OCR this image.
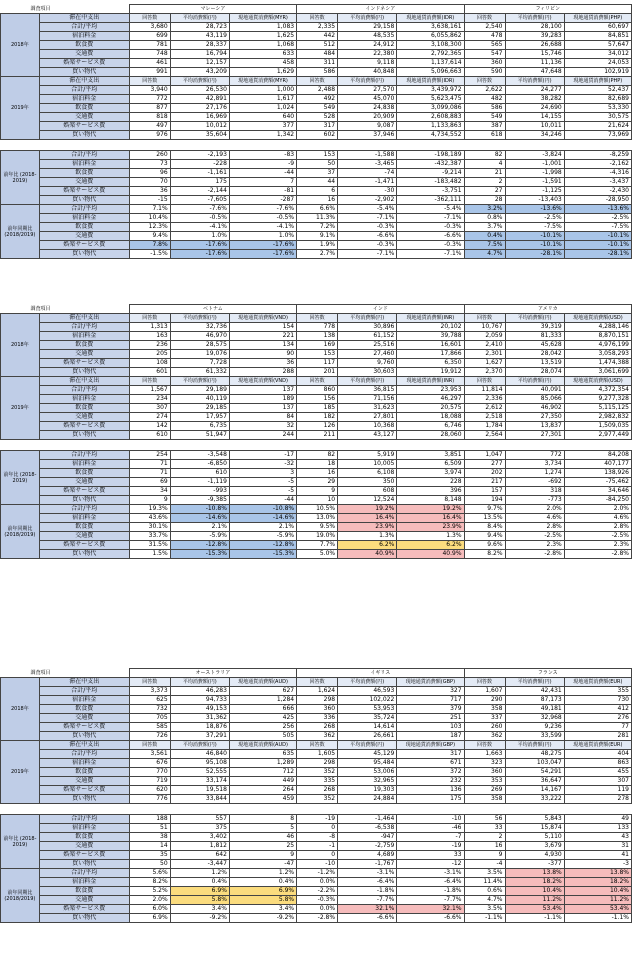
調査項目		マレーシア			インドネシア			フィリピン		
2018年	滞在中支出	回答数	平均消費額(円)	現地通貨消費額(MYR)	回答数	平均消費額(円)	現地通貨消費額(IDR)	回答数	平均消費額(円)	現地通貨消費額(PHP)
	合計/平均	3,680	28,723	1,083	2,335	29,158	3,638,161	2,540	28,100	60,697
	宿泊料金	699	43,119	1,625	442	48,535	6,055,862	478	39,283	84,851
	飲食費	781	28,337	1,068	512	24,912	3,108,300	565	26,688	57,647
	交通費	748	16,794	633	484	22,380	2,792,365	547	15,746	34,012
	娯楽サービス費	461	12,157	458	311	9,118	1,137,614	360	11,136	24,053
	買い物代	991	43,209	1,629	586	40,848	5,096,663	590	47,648	102,919
2019年	滞在中支出	回答数	平均消費額(円)	現地通貨消費額(MYR)	回答数	平均消費額(円)	現地通貨消費額(IDR)	回答数	平均消費額(円)	現地通貨消費額(PHP)
	合計/平均	3,940	26,530	1,000	2,488	27,570	3,439,972	2,622	24,277	52,437
	宿泊料金	772	42,891	1,617	492	45,070	5,623,475	482	38,282	82,689
	飲食費	877	27,176	1,024	549	24,838	3,099,086	586	24,690	53,330
	交通費	818	16,969	640	528	20,909	2,608,883	549	14,155	30,575
	娯楽サービス費	497	10,012	377	317	9,087	1,133,863	387	10,011	21,624
	買い物代	976	35,604	1,342	602	37,946	4,734,552	618	34,246	73,969

前年比 (2018-2019)	合計/平均	260	-2,193	-83	153	-1,588	-198,189	82	-3,824	-8,259
	宿泊料金	73	-228	-9	50	-3,465	-432,387	4	-1,001	-2,162
	飲食費	96	-1,161	-44	37	-74	-9,214	21	-1,998	-4,316
	交通費	70	175	7	44	-1,471	-183,482	2	-1,591	-3,437
	娯楽サービス費	36	-2,144	-81	6	-30	-3,751	27	-1,125	-2,430
	買い物代	-15	-7,605	-287	16	-2,902	-362,111	28	-13,403	-28,950
前年同期比 (2018/2019)	合計/平均	7.1%	-7.6%	-7.6%	6.6%	-5.4%	-5.4%	3.2%	-13.6%	-13.6%
	宿泊料金	10.4%	-0.5%	-0.5%	11.3%	-7.1%	-7.1%	0.8%	-2.5%	-2.5%
	飲食費	12.3%	-4.1%	-4.1%	7.2%	-0.3%	-0.3%	3.7%	-7.5%	-7.5%
	交通費	9.4%	1.0%	1.0%	9.1%	-6.6%	-6.6%	0.4%	-10.1%	-10.1%
	娯楽サービス費	7.8%	-17.6%	-17.6%	1.9%	-0.3%	-0.3%	7.5%	-10.1%	-10.1%
	買い物代	-1.5%	-17.6%	-17.6%	2.7%	-7.1%	-7.1%	4.7%	-28.1%	-28.1%
調査項目		ベトナム			インド			アメリカ		
2018年	滞在中支出	回答数	平均消費額(円)	現地通貨消費額(VND)	回答数	平均消費額(円)	現地通貨消費額(INR)	回答数	平均消費額(円)	現地通貨消費額(USD)
	合計/平均	1,313	32,736	154	778	30,896	20,102	10,767	39,319	4,288,146
	宿泊料金	163	46,970	221	138	61,152	39,788	2,059	81,333	8,870,151
	飲食費	236	28,575	134	169	25,516	16,601	2,410	45,628	4,976,199
	交通費	205	19,076	90	153	27,460	17,866	2,301	28,042	3,058,293
	娯楽サービス費	108	7,728	36	117	9,760	6,350	1,627	13,519	1,474,388
	買い物代	601	61,332	288	201	30,603	19,912	2,370	28,074	3,061,699
2019年	滞在中支出	回答数	平均消費額(円)	現地通貨消費額(VND)	回答数	平均消費額(円)	現地通貨消費額(INR)	回答数	平均消費額(円)	現地通貨消費額(USD)
	合計/平均	1,567	29,189	137	860	36,815	23,953	11,814	40,091	4,372,354
	宿泊料金	234	40,119	189	156	71,156	46,297	2,336	85,066	9,277,328
	飲食費	307	29,185	137	185	31,623	20,575	2,612	46,902	5,115,125
	交通費	274	17,957	84	182	27,801	18,088	2,518	27,350	2,982,832
	娯楽サービス費	142	6,735	32	126	10,368	6,746	1,784	13,837	1,509,035
	買い物代	610	51,947	244	211	43,127	28,060	2,564	27,301	2,977,449

前年比 (2018-2019)	合計/平均	254	-3,548	-17	82	5,919	3,851	1,047	772	84,208
	宿泊料金	71	-6,850	-32	18	10,005	6,509	277	3,734	407,177
	飲食費	71	610	3	16	6,108	3,974	202	1,274	138,926
	交通費	69	-1,119	-5	29	350	228	217	-692	-75,462
	娯楽サービス費	34	-993	-5	9	608	396	157	318	34,646
	買い物代	9	-9,385	-44	10	12,524	8,148	194	-773	-84,250
前年同期比 (2018/2019)	合計/平均	19.3%	-10.8%	-10.8%	10.5%	19.2%	19.2%	9.7%	2.0%	2.0%
	宿泊料金	43.6%	-14.6%	-14.6%	13.0%	16.4%	16.4%	13.5%	4.6%	4.6%
	飲食費	30.1%	2.1%	2.1%	9.5%	23.9%	23.9%	8.4%	2.8%	2.8%
	交通費	33.7%	-5.9%	-5.9%	19.0%	1.3%	1.3%	9.4%	-2.5%	-2.5%
	娯楽サービス費	31.5%	-12.8%	-12.8%	7.7%	6.2%	6.2%	9.6%	2.3%	2.3%
	買い物代	1.5%	-15.3%	-15.3%	5.0%	40.9%	40.9%	8.2%	-2.8%	-2.8%
調査項目		オーストラリア			イギリス			フランス		
2018年	滞在中支出	回答数	平均消費額(円)	現地通貨消費額(AUD)	回答数	平均消費額(円)	現地通貨消費額(GBP)	回答数	平均消費額(円)	現地通貨消費額(EUR)
	合計/平均	3,373	46,283	627	1,624	46,593	327	1,607	42,431	355
	宿泊料金	625	94,733	1,284	298	102,022	717	290	87,173	730
	飲食費	732	49,153	666	360	53,953	379	358	49,181	412
	交通費	705	31,362	425	336	35,724	251	337	32,968	276
	娯楽サービス費	585	18,876	256	268	14,614	103	260	9,236	77
	買い物代	726	37,291	505	362	26,661	187	362	33,599	281
2019年	滞在中支出	回答数	平均消費額(円)	現地通貨消費額(AUD)	回答数	平均消費額(円)	現地通貨消費額(GBP)	回答数	平均消費額(円)	現地通貨消費額(EUR)
	合計/平均	3,561	46,840	635	1,605	45,129	317	1,663	48,275	404
	宿泊料金	676	95,108	1,289	298	95,484	671	323	103,047	863
	飲食費	770	52,555	712	352	53,006	372	360	54,291	455
	交通費	719	33,174	449	335	32,965	232	353	36,647	307
	娯楽サービス費	620	19,518	264	268	19,303	136	269	14,167	119
	買い物代	776	33,844	459	352	24,884	175	358	33,222	278

前年比 (2018-2019)	合計/平均	188	557	8	-19	-1,464	-10	56	5,843	49
	宿泊料金	51	375	5	0	-6,538	-46	33	15,874	133
	飲食費	38	3,402	46	-8	-947	-7	2	5,110	43
	交通費	14	1,812	25	-1	-2,759	-19	16	3,679	31
	娯楽サービス費	35	642	9	0	4,689	33	9	4,930	41
	買い物代	50	-3,447	-47	-10	-1,767	-12	-4	-377	-3
前年同期比 (2018/2019)	合計/平均	5.6%	1.2%	1.2%	-1.2%	-3.1%	-3.1%	3.5%	13.8%	13.8%
	宿泊料金	8.2%	0.4%	0.4%	0.0%	-6.4%	-6.4%	11.4%	18.2%	18.2%
	飲食費	5.2%	6.9%	6.9%	-2.2%	-1.8%	-1.8%	0.6%	10.4%	10.4%
	交通費	2.0%	5.8%	5.8%	-0.3%	-7.7%	-7.7%	4.7%	11.2%	11.2%
	娯楽サービス費	6.0%	3.4%	3.4%	0.0%	32.1%	32.1%	3.5%	53.4%	53.4%
	買い物代	6.9%	-9.2%	-9.2%	-2.8%	-6.6%	-6.6%	-1.1%	-1.1%	-1.1%
